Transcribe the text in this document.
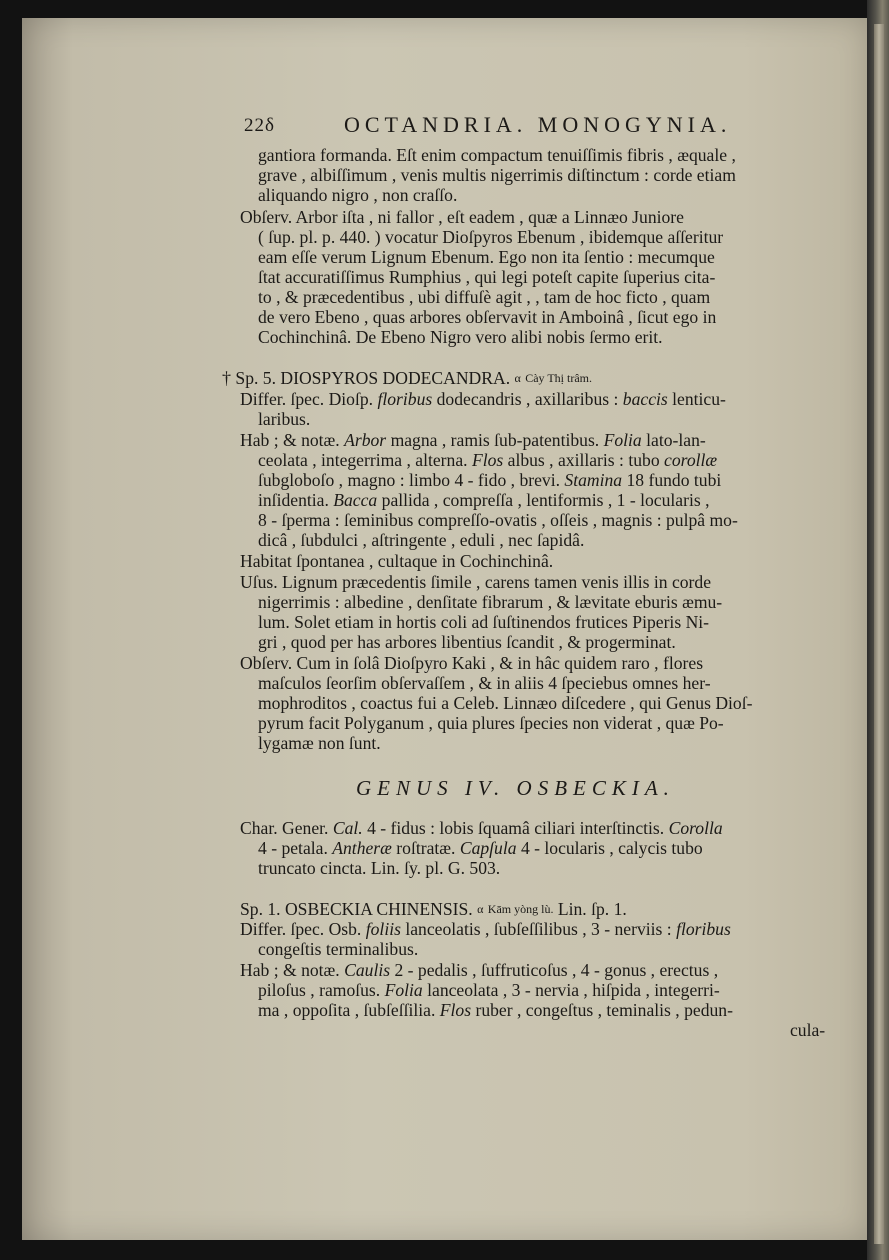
22δ	OCTANDRIA. MONOGYNIA.
gantiora formanda. Eſt enim compactum tenuiſſimis fibris , æquale ,
grave , albiſſimum , venis multis nigerrimis diſtinctum : corde etiam
aliquando nigro , non craſſo.
Obſerv. Arbor iſta , ni fallor , eſt eadem , quæ a Linnæo Juniore
( ſup. pl. p. 440. ) vocatur Dioſpyros Ebenum , ibidemque aſſeritur
eam eſſe verum Lignum Ebenum. Ego non ita ſentio : mecumque
ſtat accuratiſſimus Rumphius , qui legi poteſt capite ſuperius cita-
to , & præcedentibus , ubi diffuſè agit , , tam de hoc ficto , quam
de vero Ebeno , quas arbores obſervavit in Amboinâ , ſicut ego in
Cochinchinâ. De Ebeno Nigro vero alibi nobis ſermo erit.
† Sp. 5. DIOSPYROS DODECANDRA. α Cày Thị trâm.
Differ. ſpec. Dioſp. floribus dodecandris , axillaribus : baccis lenticu-
laribus.
Hab ; & notæ. Arbor magna , ramis ſub-patentibus. Folia lato-lan-
ceolata , integerrima , alterna. Flos albus , axillaris : tubo corollæ
ſubgloboſo , magno : limbo 4 - fido , brevi. Stamina 18 fundo tubi
inſidentia. Bacca pallida , compreſſa , lentiformis , 1 - locularis ,
8 - ſperma : ſeminibus compreſſo-ovatis , oſſeis , magnis : pulpâ mo-
dicâ , ſubdulci , aſtringente , eduli , nec ſapidâ.
Habitat ſpontanea , cultaque in Cochinchinâ.
Uſus. Lignum præcedentis ſimile , carens tamen venis illis in corde
nigerrimis : albedine , denſitate fibrarum , & lævitate eburis æmu-
lum. Solet etiam in hortis coli ad ſuſtinendos frutices Piperis Ni-
gri , quod per has arbores libentius ſcandit , & progerminat.
Obſerv. Cum in ſolâ Dioſpyro Kaki , & in hâc quidem raro , flores
maſculos ſeorſim obſervaſſem , & in aliis 4 ſpeciebus omnes her-
mophroditos , coactus fui a Celeb. Linnæo diſcedere , qui Genus Dioſ-
pyrum facit Polyganum , quia plures ſpecies non viderat , quæ Po-
lygamæ non ſunt.
GENUS IV. OSBECKIA.
Char. Gener. Cal. 4 - fidus : lobis ſquamâ ciliari interſtinctis. Corolla
4 - petala. Antheræ roſtratæ. Capſula 4 - locularis , calycis tubo
truncato cincta. Lin. ſy. pl. G. 503.
Sp. 1. OSBECKIA CHINENSIS. α Kām yòng lù. Lin. ſp. 1.
Differ. ſpec. Osb. foliis lanceolatis , ſubſeſſilibus , 3 - nerviis : floribus
congeſtis terminalibus.
Hab ; & notæ. Caulis 2 - pedalis , ſuffruticoſus , 4 - gonus , erectus ,
piloſus , ramoſus. Folia lanceolata , 3 - nervia , hiſpida , integerri-
ma , oppoſita , ſubſeſſilia. Flos ruber , congeſtus , teminalis , pedun-
cula-
